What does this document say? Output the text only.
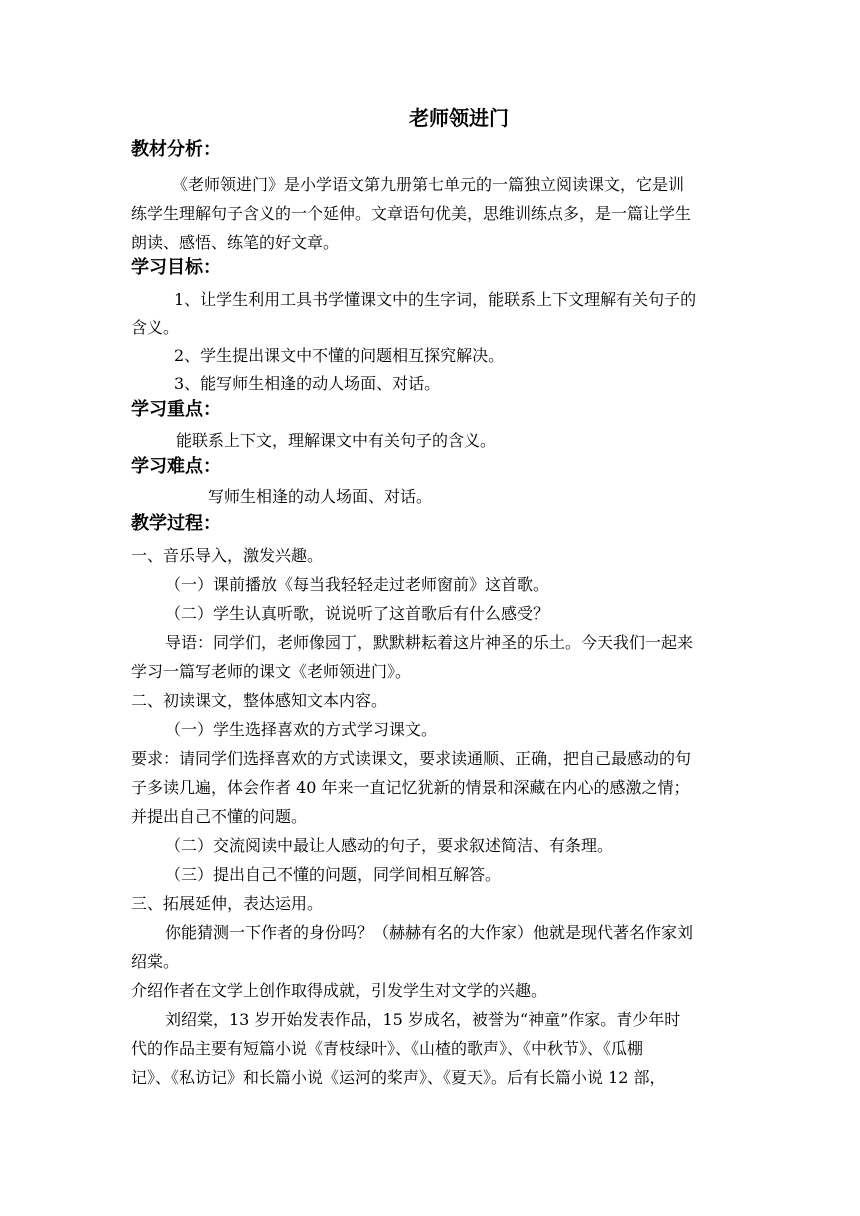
老师领进门
教材分析：
《老师领进门》是小学语文第九册第七单元的一篇独立阅读课文，它是训
练学生理解句子含义的一个延伸。文章语句优美，思维训练点多，是一篇让学生
朗读、感悟、练笔的好文章。
学习目标：
1、让学生利用工具书学懂课文中的生字词，能联系上下文理解有关句子的
含义。
2、学生提出课文中不懂的问题相互探究解决。
3、能写师生相逢的动人场面、对话。
学习重点：
能联系上下文，理解课文中有关句子的含义。
学习难点：
写师生相逢的动人场面、对话。
教学过程：
一、音乐导入，激发兴趣。
（一）课前播放《每当我轻轻走过老师窗前》这首歌。
（二）学生认真听歌，说说听了这首歌后有什么感受？
导语：同学们，老师像园丁，默默耕耘着这片神圣的乐土。今天我们一起来
学习一篇写老师的课文《老师领进门》。
二、初读课文，整体感知文本内容。
（一）学生选择喜欢的方式学习课文。
要求：请同学们选择喜欢的方式读课文，要求读通顺、正确，把自己最感动的句
子多读几遍，体会作者 40 年来一直记忆犹新的情景和深藏在内心的感激之情；
并提出自己不懂的问题。
（二）交流阅读中最让人感动的句子，要求叙述简洁、有条理。
（三）提出自己不懂的问题，同学间相互解答。
三、拓展延伸，表达运用。
你能猜测一下作者的身份吗？（赫赫有名的大作家）他就是现代著名作家刘
绍棠。
介绍作者在文学上创作取得成就，引发学生对文学的兴趣。
刘绍棠，13 岁开始发表作品，15 岁成名，被誉为“神童”作家。青少年时
代的作品主要有短篇小说《青枝绿叶》、《山楂的歌声》、《中秋节》、《瓜棚
记》、《私访记》和长篇小说《运河的桨声》、《夏天》。后有长篇小说 12 部，
